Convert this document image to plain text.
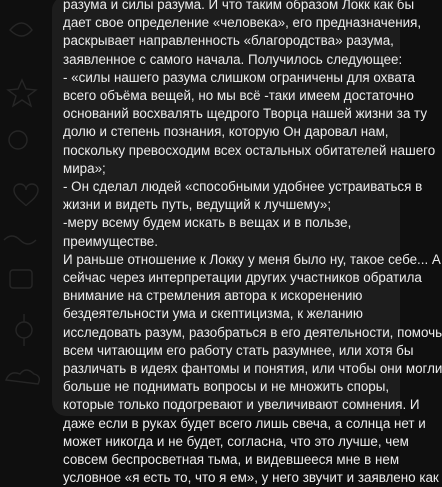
разума и силы разума. И что таким образом Локк как бы
дает свое определение «человека», его предназначения,
раскрывает направленность «благородства» разума,
заявленное с самого начала. Получилось следующее:
- «силы нашего разума слишком ограничены для охвата
всего объёма вещей, но мы всё -таки имеем достаточно
оснований восхвалять щедрого Творца нашей жизни за ту
долю и степень познания, которую Он даровал нам,
поскольку превосходим всех остальных обитателей нашего
мира»;
- Он сделал людей «способными удобнее устраиваться в
жизни и видеть путь, ведущий к лучшему»;
-меру всему будем искать в вещах и в пользе,
преимуществе.
И раньше отношение к Локку у меня было ну, такое себе... А
сейчас через интерпретации других участников обратила
внимание на стремления автора к искоренению
бездеятельности ума и скептицизма, к желанию
исследовать разум, разобраться в его деятельности, помочь
всем читающим его работу стать разумнее, или хотя бы
различать в идеях фантомы и понятия, или чтобы они могли
больше не поднимать вопросы и не множить споры,
которые только подогревают и увеличивают сомнения. И
даже если в руках будет всего лишь свеча, а солнца нет и
может никогда и не будет, согласна, что это лучше, чем
совсем беспросветная тьма, и видевшееся мне в нем
условное «я есть то, что я ем», у него звучит и заявлено как
